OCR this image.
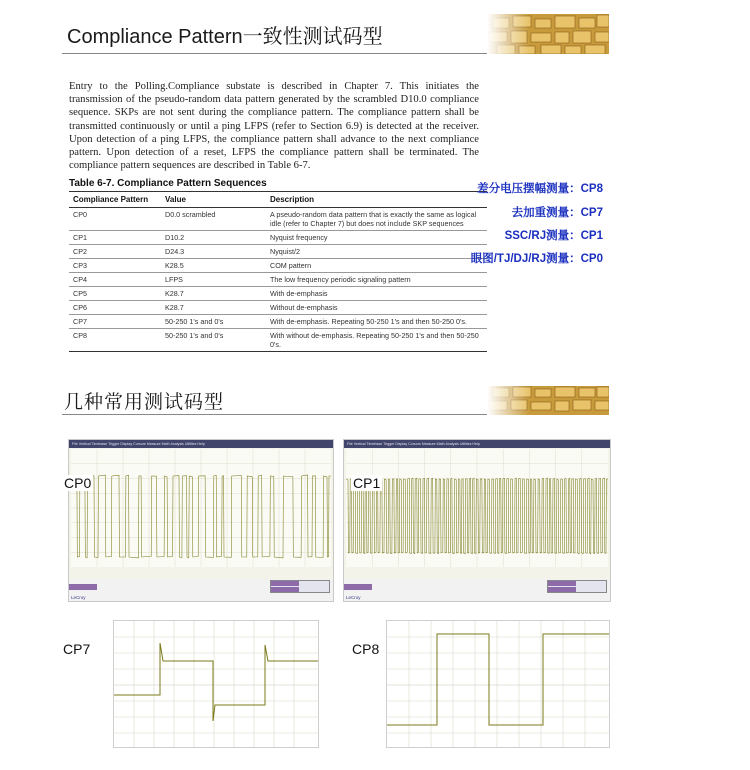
Compliance Pattern一致性测试码型
Entry to the Polling.Compliance substate is described in Chapter 7. This initiates the transmission of the pseudo-random data pattern generated by the scrambled D10.0 compliance sequence. SKPs are not sent during the compliance pattern. The compliance pattern shall be transmitted continuously or until a ping LFPS (refer to Section 6.9) is detected at the receiver. Upon detection of a ping LFPS, the compliance pattern shall advance to the next compliance pattern. Upon detection of a reset, LFPS the compliance pattern shall be terminated. The compliance pattern sequences are described in Table 6-7.
Table 6-7. Compliance Pattern Sequences
Compliance Pattern	Value	Description
CP0	D0.0 scrambled	A pseudo-random data pattern that is exactly the same as logical idle (refer to Chapter 7) but does not include SKP sequences
CP1	D10.2	Nyquist frequency
CP2	D24.3	Nyquist/2
CP3	K28.5	COM pattern
CP4	LFPS	The low frequency periodic signaling pattern
CP5	K28.7	With de-emphasis
CP6	K28.7	Without de-emphasis
CP7	50-250 1's and 0's	With de-emphasis. Repeating 50-250 1's and then 50-250 0's.
CP8	50-250 1's and 0's	With without de-emphasis. Repeating 50-250 1's and then 50-250 0's.
差分电压摆幅测量：CP8
去加重测量：CP7
SSC/RJ测量：CP1
眼图/TJ/DJ/RJ测量：CP0
几种常用测试码型
File Vertical Timebase Trigger Display Cursors Measure Math Analysis Utilities Help
LeCroy
CP0
File Vertical Timebase Trigger Display Cursors Measure Math Analysis Utilities Help
LeCroy
CP1
CP7	CP8
